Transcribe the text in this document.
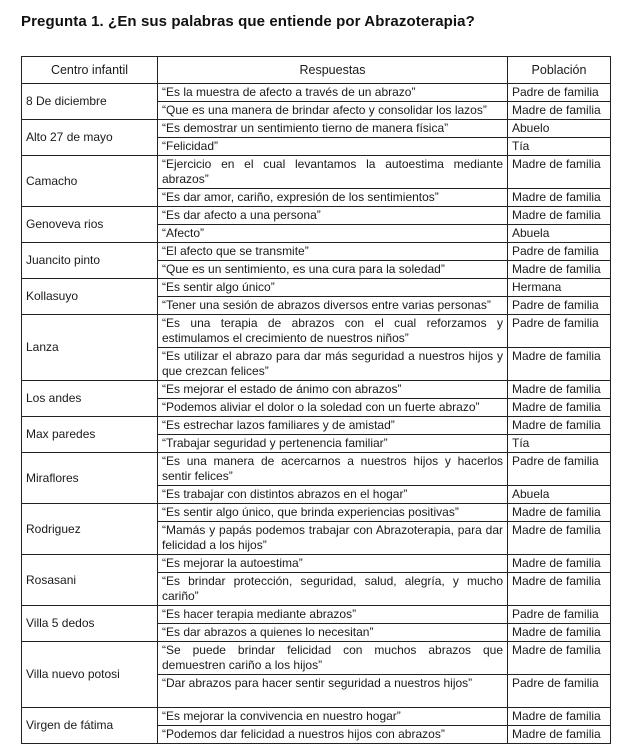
Pregunta 1. ¿En sus palabras que entiende por Abrazoterapia?
Centro infantil	Respuestas	Población
8 De diciembre	“Es la muestra de afecto a través de un abrazo”	Padre de familia
	“Que es una manera de brindar afecto y consolidar los lazos”	Madre de familia
Alto 27 de mayo	“Es demostrar un sentimiento tierno de manera física”	Abuelo
	“Felicidad”	Tía
Camacho	“Ejercicio en el cual levantamos la autoestima mediante abrazos”	Madre de familia
	“Es dar amor, cariño, expresión de los sentimientos”	Madre de familia
Genoveva rios	“Es dar afecto a una persona”	Madre de familia
	“Afecto”	Abuela
Juancito pinto	“El afecto que se transmite”	Padre de familia
	“Que es un sentimiento, es una cura para la soledad”	Madre de familia
Kollasuyo	“Es sentir algo único”	Hermana
	“Tener una sesión de abrazos diversos entre varias personas”	Padre de familia
Lanza	“Es una terapia de abrazos con el cual reforzamos y estimulamos el crecimiento de nuestros niños”	Padre de familia
	“Es utilizar el abrazo para dar más seguridad a nuestros hijos y que crezcan felices”	Madre de familia
Los andes	“Es mejorar el estado de ánimo con abrazos”	Madre de familia
	“Podemos aliviar el dolor o la soledad con un fuerte abrazo”	Madre de familia
Max paredes	“Es estrechar lazos familiares y de amistad”	Madre de familia
	“Trabajar seguridad y pertenencia familiar”	Tía
Miraflores	“Es una manera de acercarnos a nuestros hijos y hacerlos sentir felices”	Padre de familia
	“Es trabajar con distintos abrazos en el hogar”	Abuela
Rodriguez	“Es sentir algo único, que brinda experiencias positivas”	Madre de familia
	“Mamás y papás podemos trabajar con Abrazoterapia, para dar felicidad a los hijos”	Madre de familia
Rosasani	“Es mejorar la autoestima”	Madre de familia
	“Es brindar protección, seguridad, salud, alegría, y mucho cariño”	Madre de familia
Villa 5 dedos	“Es hacer terapia mediante abrazos”	Padre de familia
	“Es dar abrazos a quienes lo necesitan”	Madre de familia
Villa nuevo potosi	“Se puede brindar felicidad con muchos abrazos que demuestren cariño a los hijos”	Madre de familia
	“Dar abrazos para hacer sentir seguridad a nuestros hijos”	Padre de familia
Virgen de fátima	“Es mejorar la convivencia en nuestro hogar”	Madre de familia
	“Podemos dar felicidad a nuestros hijos con abrazos”	Madre de familia
